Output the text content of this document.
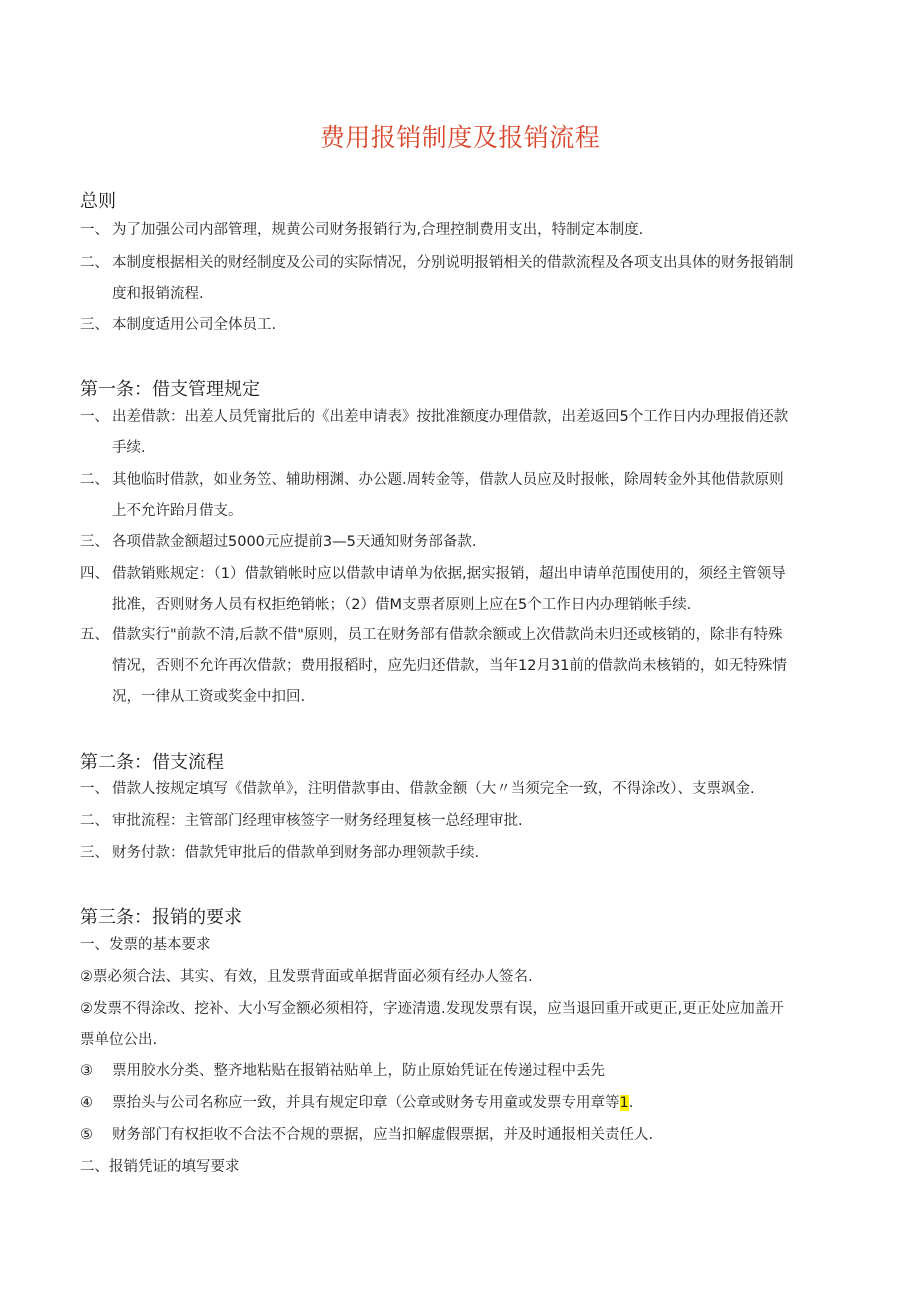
费用报销制度及报销流程
总则
一、 为了加强公司内部管理，规黄公司财务报销行为,合理控制费用支出，特制定本制度.
二、 本制度根据相关的财经制度及公司的实际情况，分别说明报销相关的借款流程及各项支出具体的财务报销制
度和报销流程.
三、 本制度适用公司全体员工.
第一条：借支管理规定
一、 出差借款：出差人员凭甯批后的《出差申请表》按批准额度办理借款，出差返回5个工作日内办理报俏还款
手续.
二、 其他临时借款，如业务笠、辅助栩渊、办公题.周转金等，借款人员应及时报帐，除周转金外其他借款原则
上不允许跆月借支。
三、 各项借款金额超过5000元应提前3—5天通知财务部备款.
四、 借款销账规定：（1）借款销帐时应以借款申请单为依据,据实报销，超出申请单范围使用的，须经主管领导
批准，否则财务人员有权拒绝销帐；（2）借M支票者原则上应在5个工作日内办理销帐手续.
五、 借款实行"前款不清,后款不借"原则，员工在财务部有借款余额或上次借款尚未归还或核销的，除非有特殊
情况，否则不允许再次借款；费用报稻时，应先归还借款，当年12月31前的借款尚未核销的，如无特殊情
况，一律从工资或奖金中扣回.
第二条：借支流程
一、 借款人按规定填写《借款单》，注明借款事由、借款金额（大〃当须完全一致，不得涂改）、支票飒金.
二、 审批流程：主管部门经理审核签字一财务经理复核一总经理审批.
三、 财务付款：借款凭审批后的借款单到财务部办理领款手续.
第三条：报销的要求
一、发票的基本要求
②票必须合法、其实、有效，且发票背面或单据背面必须有经办人签名.
②发票不得涂改、挖补、大小写金额必须相符，字迹清遗.发现发票有误，应当退回重开或更正,更正处应加盖开
票单位公出.
③ 票用胶水分类、整齐地粘贴在报销祜贴单上，防止原始凭证在传递过程中丢先
④ 票抬头与公司名称应一致，并具有规定印章（公章或财务专用童或发票专用章等1.
⑤ 财务部门有权拒收不合法不合规的票据，应当扣解虚假票据，并及时通报相关责任人.
二、报销凭证的填写要求
